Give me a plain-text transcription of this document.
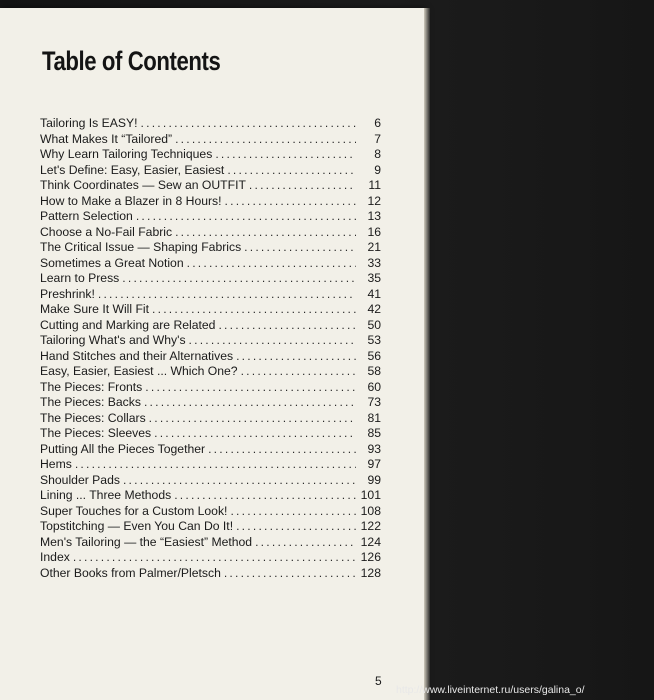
Table of Contents
Tailoring Is EASY! .....	6
What Makes It “Tailored” .....	7
Why Learn Tailoring Techniques .....	8
Let's Define: Easy, Easier, Easiest .....	9
Think Coordinates — Sew an OUTFIT .....	11
How to Make a Blazer in 8 Hours! .....	12
Pattern Selection .....	13
Choose a No-Fail Fabric .....	16
The Critical Issue — Shaping Fabrics .....	21
Sometimes a Great Notion .....	33
Learn to Press .....	35
Preshrink! .....	41
Make Sure It Will Fit .....	42
Cutting and Marking are Related .....	50
Tailoring What's and Why's .....	53
Hand Stitches and their Alternatives .....	56
Easy, Easier, Easiest ... Which One? .....	58
The Pieces: Fronts .....	60
The Pieces: Backs .....	73
The Pieces: Collars .....	81
The Pieces: Sleeves .....	85
Putting All the Pieces Together .....	93
Hems .....	97
Shoulder Pads .....	99
Lining ... Three Methods .....	101
Super Touches for a Custom Look! .....	108
Topstitching — Even You Can Do It! .....	122
Men's Tailoring — the “Easiest” Method .....	124
Index .....	126
Other Books from Palmer/Pletsch .....	128
5
http://www.liveinternet.ru/users/galina_o/
